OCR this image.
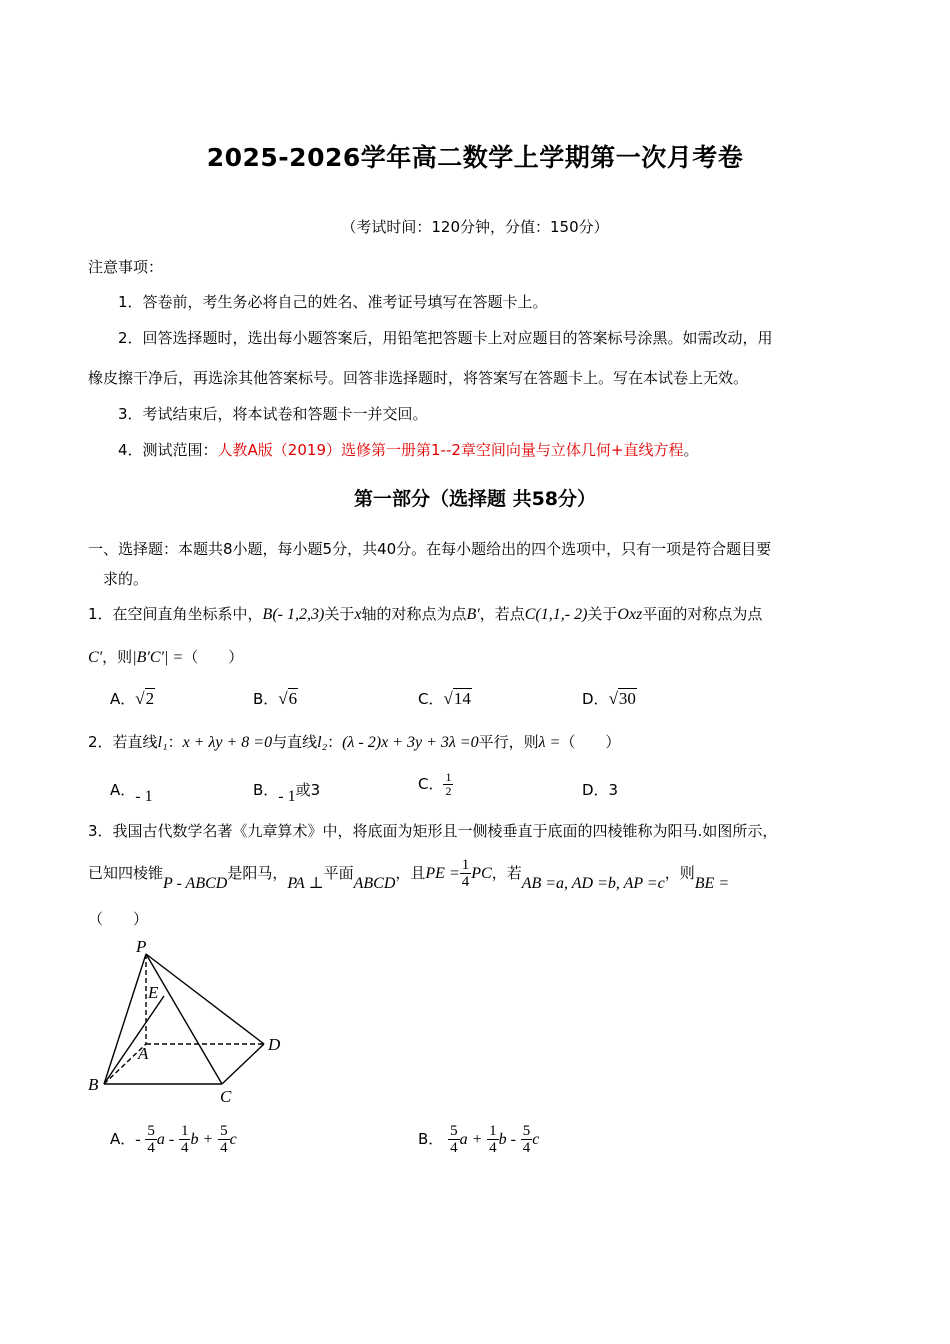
2025-2026学年高二数学上学期第一次月考卷
（考试时间：120分钟，分值：150分）
注意事项：
1．答卷前，考生务必将自己的姓名、准考证号填写在答题卡上。
2．回答选择题时，选出每小题答案后，用铅笔把答题卡上对应题目的答案标号涂黑。如需改动，用
橡皮擦干净后，再选涂其他答案标号。回答非选择题时，将答案写在答题卡上。写在本试卷上无效。
3．考试结束后，将本试卷和答题卡一并交回。
4．测试范围：人教A版（2019）选修第一册第1--2章空间向量与立体几何+直线方程。
第一部分（选择题 共58分）
一、选择题：本题共8小题，每小题5分，共40分。在每小题给出的四个选项中，只有一项是符合题目要
求的。
1．在空间直角坐标系中，B(- 1,2,3)关于x轴的对称点为点B′，若点C(1,1,- 2)关于Oxz平面的对称点为点
C′，则|B′C′| =（　　）
A．√2	B．√6	C．√14	D．√30
2．若直线l₁：x + λy + 8 =0与直线l₂：(λ - 2)x + 3y + 3λ =0平行，则λ =（　　）
A．- 1	B．- 1或3	C． $\frac{1}{2}$	D．3
3．我国古代数学名著《九章算术》中，将底面为矩形且一侧棱垂直于底面的四棱锥称为阳马.如图所示，
已知四棱锥P - ABCD是阳马，PA ⊥平面ABCD，且PE = $\frac{1}{4}$ PC，若AB =a, AD =b, AP =c，则BE =
（　　）
P
E
A
B
C
D
A．- $\frac{5}{4}$ a - $\frac{1}{4}$ $b + \frac{5}{4}$ c	B． $\frac{5}{4}$ $a + \frac{1}{4}$ b - $\frac{5}{4}$ c
